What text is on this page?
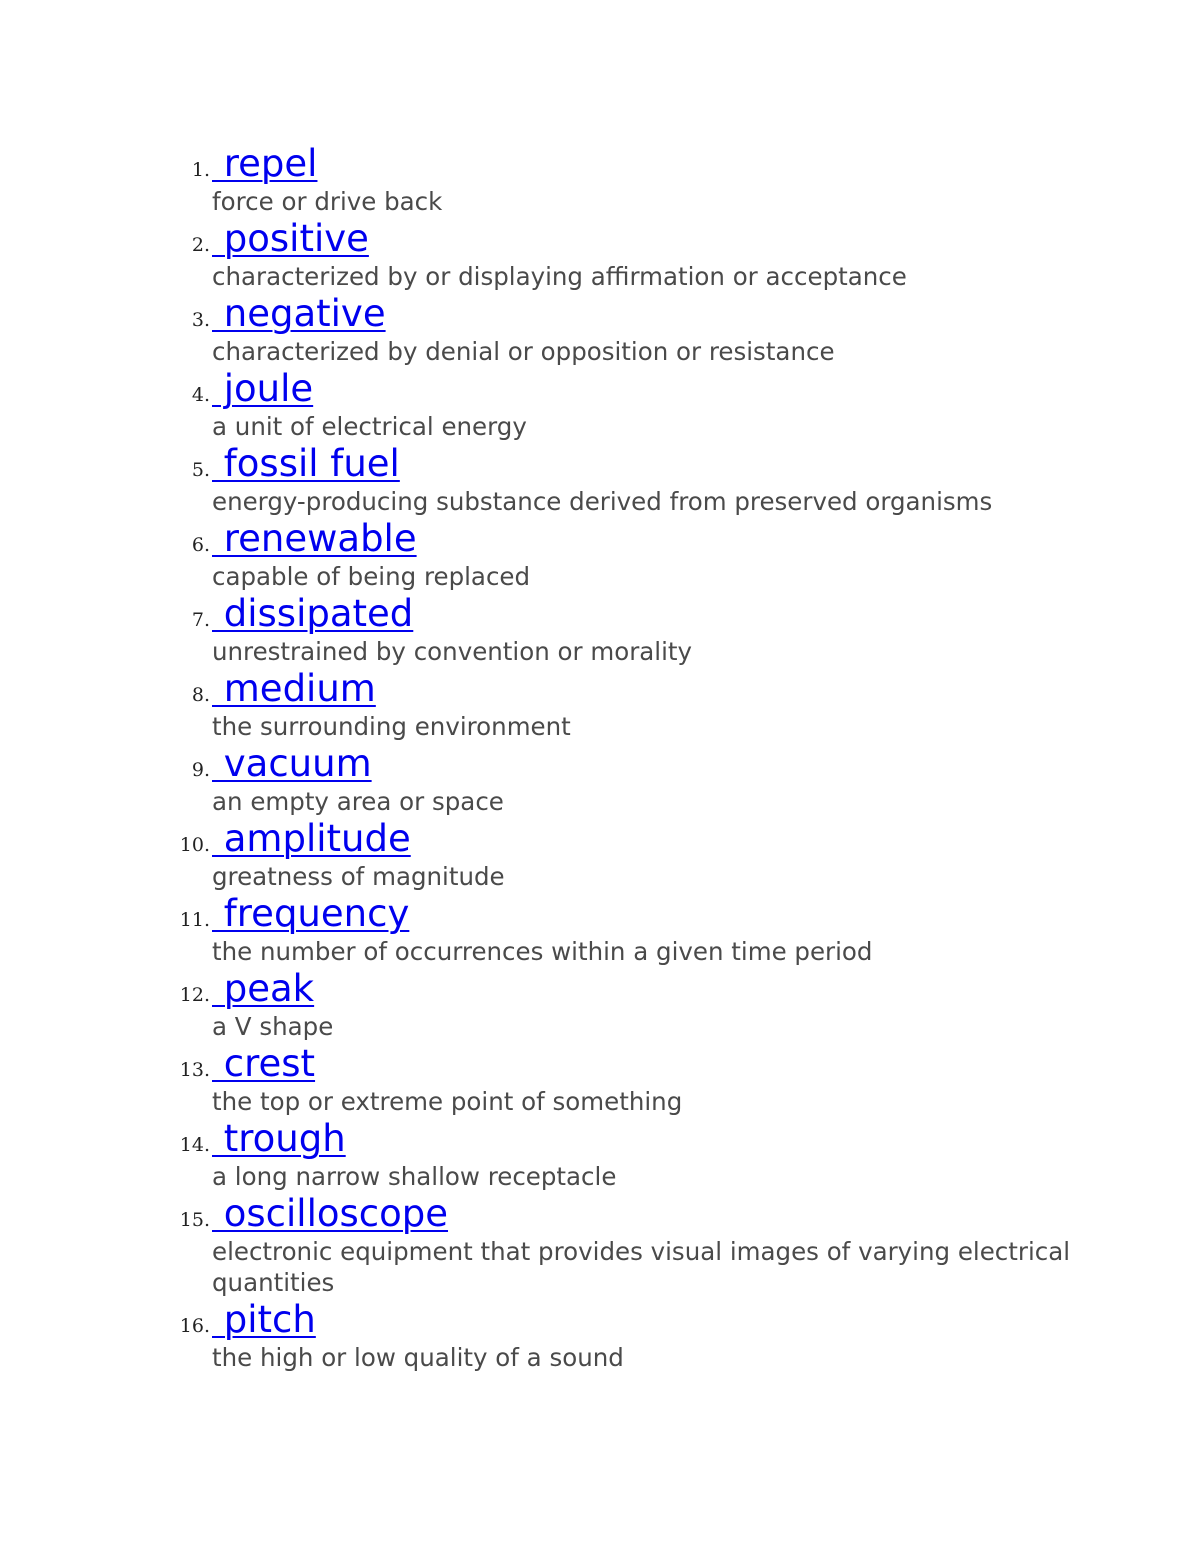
1. repel
force or drive back
2. positive
characterized by or displaying affirmation or acceptance
3. negative
characterized by denial or opposition or resistance
4. joule
a unit of electrical energy
5. fossil fuel
energy-producing substance derived from preserved organisms
6. renewable
capable of being replaced
7. dissipated
unrestrained by convention or morality
8. medium
the surrounding environment
9. vacuum
an empty area or space
10. amplitude
greatness of magnitude
11. frequency
the number of occurrences within a given time period
12. peak
a V shape
13. crest
the top or extreme point of something
14. trough
a long narrow shallow receptacle
15. oscilloscope
electronic equipment that provides visual images of varying electrical quantities
16. pitch
the high or low quality of a sound
